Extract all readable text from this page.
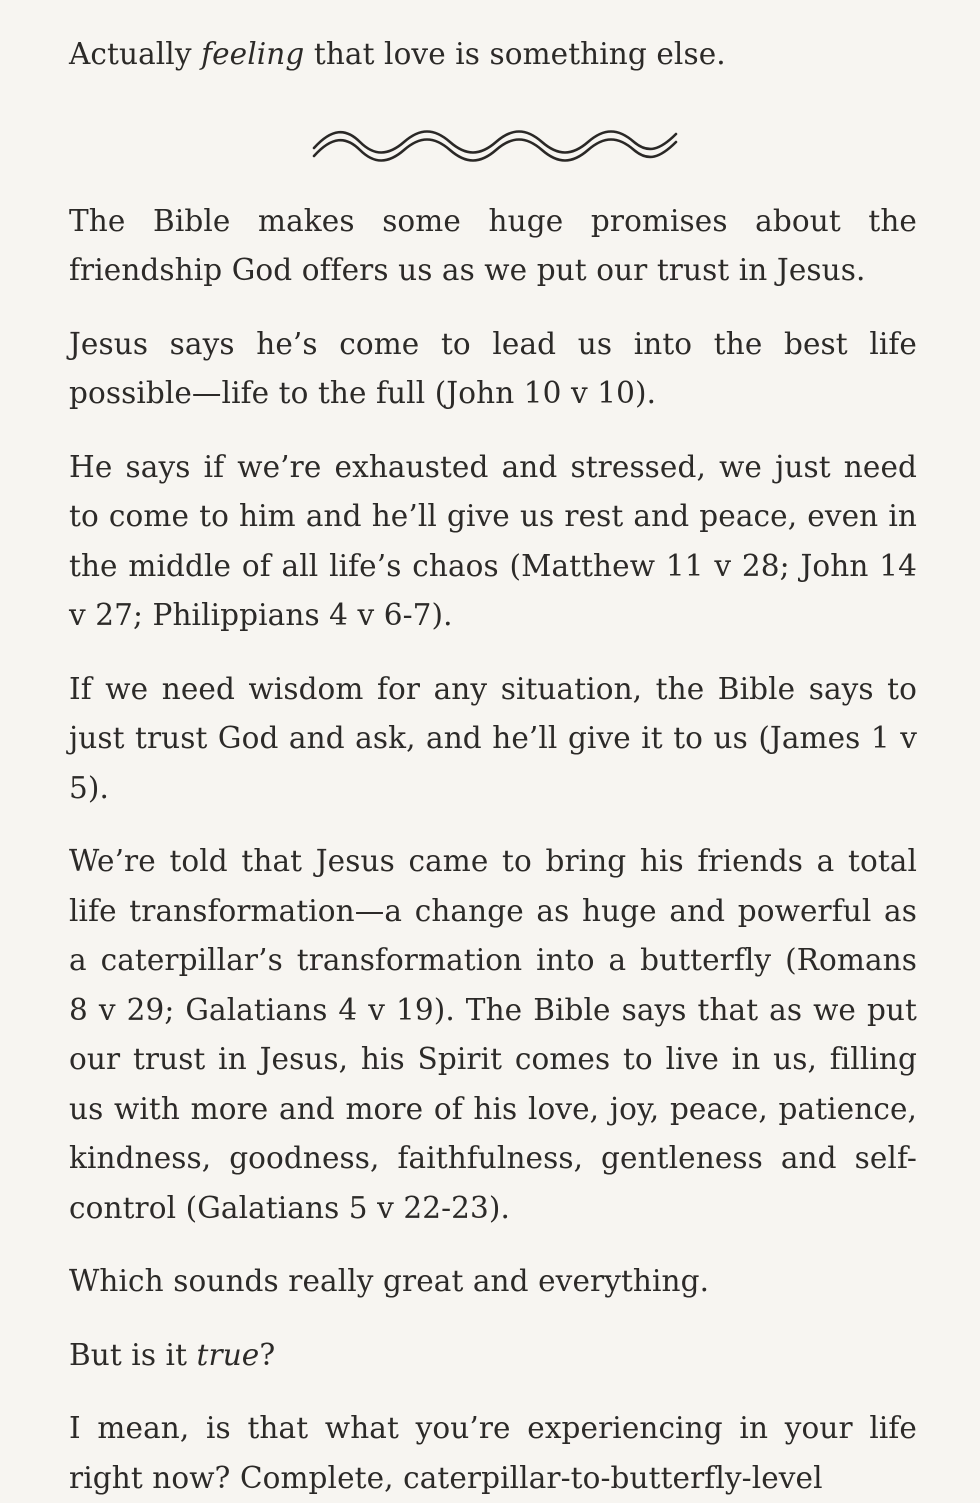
Actually feeling that love is something else.

The Bible makes some huge promises about the friendship God offers us as we put our trust in Jesus.

Jesus says he’s come to lead us into the best life possible—life to the full (John 10 v 10).

He says if we’re exhausted and stressed, we just need to come to him and he’ll give us rest and peace, even in the middle of all life’s chaos (Matthew 11 v 28; John 14 v 27; Philippians 4 v 6-7).

If we need wisdom for any situation, the Bible says to just trust God and ask, and he’ll give it to us (James 1 v 5).

We’re told that Jesus came to bring his friends a total life transformation—a change as huge and powerful as a caterpillar’s transformation into a butterfly (Romans 8 v 29; Galatians 4 v 19). The Bible says that as we put our trust in Jesus, his Spirit comes to live in us, filling us with more and more of his love, joy, peace, patience, kindness, goodness, faithfulness, gentleness and self-control (Galatians 5 v 22-23).

Which sounds really great and everything.

But is it true?

I mean, is that what you’re experiencing in your life right now? Complete, caterpillar-to-butterfly-level
